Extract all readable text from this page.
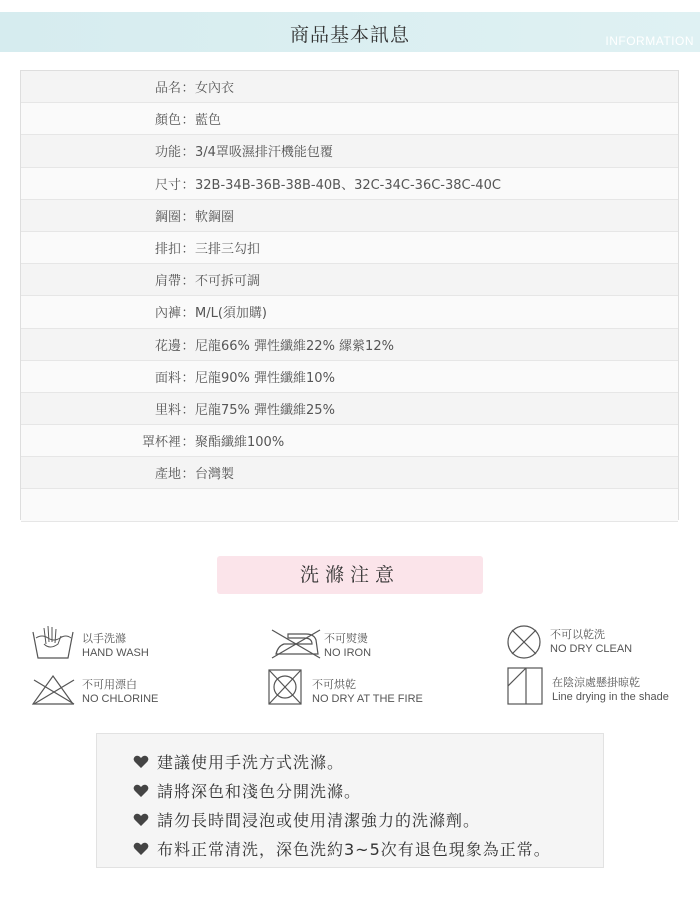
商品基本訊息	INFORMATION
品名 ： 女內衣
顏色 ： 藍色
功能 ： 3/4罩吸濕排汗機能包覆
尺寸 ： 32B-34B-36B-38B-40B、32C-34C-36C-38C-40C
鋼圈 ： 軟鋼圈
排扣 ： 三排三勾扣
肩帶 ： 不可拆可調
內褲 ： M/L(須加購)
花邊 ： 尼龍66% 彈性纖維22% 縲縈12%
面料 ： 尼龍90% 彈性纖維10%
里料 ： 尼龍75% 彈性纖維25%
罩杯裡 ： 聚酯纖維100%
產地 ： 台灣製
洗滌注意
以手洗滌
HAND WASH
不可熨燙
NO IRON
不可以乾洗
NO DRY CLEAN
不可用漂白
NO CHLORINE
不可烘乾
NO DRY AT THE FIRE
在陰涼處懸掛晾乾
Line drying in the shade
建議使用手洗方式洗滌。
請將深色和淺色分開洗滌。
請勿長時間浸泡或使用清潔強力的洗滌劑。
布料正常清洗，深色洗約3~5次有退色現象為正常。
